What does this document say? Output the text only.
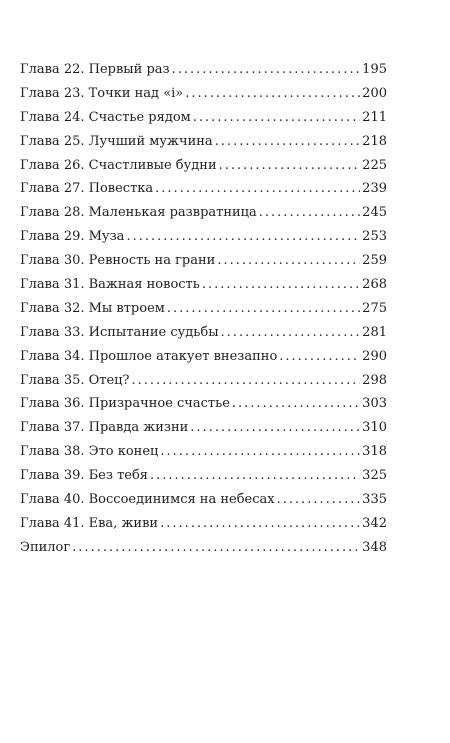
Глава 22. Первый раз .....	195
Глава 23. Точки над «і» .....	200
Глава 24. Счастье рядом .....	211
Глава 25. Лучший мужчина .....	218
Глава 26. Счастливые будни .....	225
Глава 27. Повестка .....	239
Глава 28. Маленькая развратница .....	245
Глава 29. Муза .....	253
Глава 30. Ревность на грани .....	259
Глава 31. Важная новость .....	268
Глава 32. Мы втроем .....	275
Глава 33. Испытание судьбы .....	281
Глава 34. Прошлое атакует внезапно .....	290
Глава 35. Отец? .....	298
Глава 36. Призрачное счастье .....	303
Глава 37. Правда жизни .....	310
Глава 38. Это конец .....	318
Глава 39. Без тебя .....	325
Глава 40. Воссоединимся на небесах .....	335
Глава 41. Ева, живи .....	342
Эпилог .....	348
